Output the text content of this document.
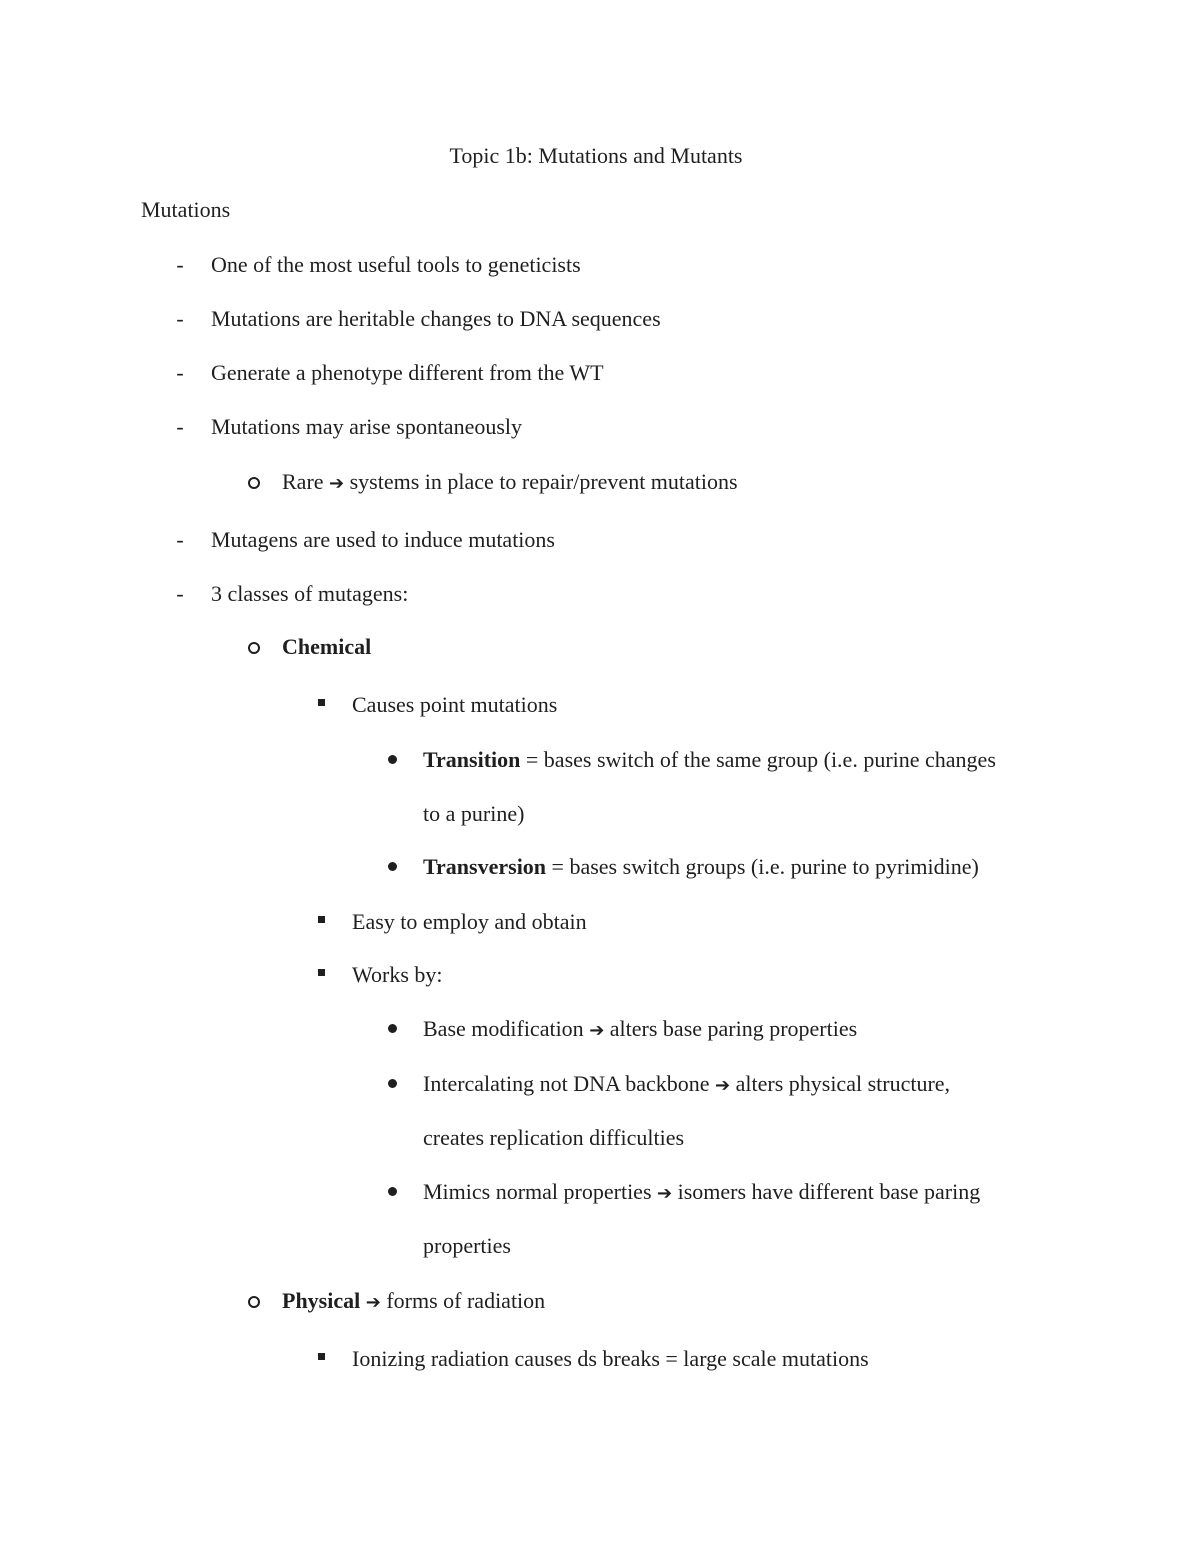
Topic 1b: Mutations and Mutants
Mutations
- One of the most useful tools to geneticists
- Mutations are heritable changes to DNA sequences
- Generate a phenotype different from the WT
- Mutations may arise spontaneously
Rare ➔ systems in place to repair/prevent mutations
- Mutagens are used to induce mutations
- 3 classes of mutagens:
Chemical
Causes point mutations
Transition = bases switch of the same group (i.e. purine changes
to a purine)
Transversion = bases switch groups (i.e. purine to pyrimidine)
Easy to employ and obtain
Works by:
Base modification ➔ alters base paring properties
Intercalating not DNA backbone ➔ alters physical structure,
creates replication difficulties
Mimics normal properties ➔ isomers have different base paring
properties
Physical ➔ forms of radiation
Ionizing radiation causes ds breaks = large scale mutations
